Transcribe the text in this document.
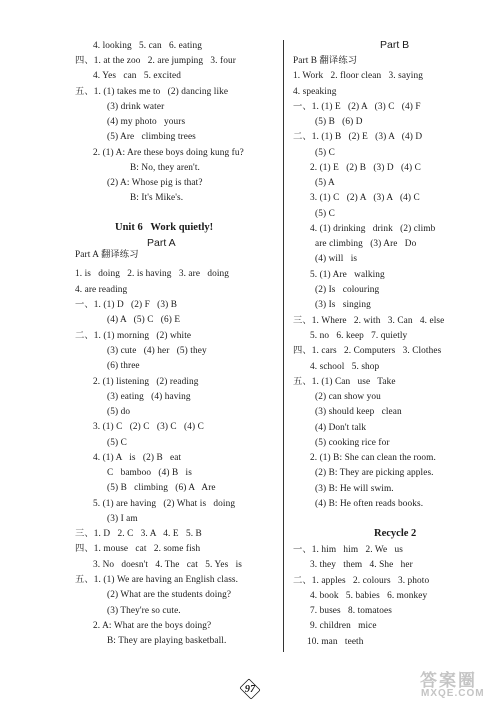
4. looking   5. can   6. eating
四、1. at the zoo   2. are jumping   3. four
4. Yes   can   5. excited
五、1. (1) takes me to   (2) dancing like
(3) drink water
(4) my photo   yours
(5) Are   climbing trees
2. (1) A: Are these boys doing kung fu?
B: No, they aren't.
(2) A: Whose pig is that?
B: It's Mike's.
Unit 6   Work quietly!
Part A
Part A 翻译练习
1. is   doing   2. is having   3. are   doing
4. are reading
一、1. (1) D   (2) F   (3) B
(4) A   (5) C   (6) E
二、1. (1) morning   (2) white
(3) cute   (4) her   (5) they
(6) three
2. (1) listening   (2) reading
(3) eating   (4) having
(5) do
3. (1) C   (2) C   (3) C   (4) C
(5) C
4. (1) A   is   (2) B   eat
C   bamboo   (4) B   is
(5) B   climbing   (6) A   Are
5. (1) are having   (2) What is   doing
(3) I am
三、1. D   2. C   3. A   4. E   5. B
四、1. mouse   cat   2. some fish
3. No   doesn't   4. The   cat   5. Yes   is
五、1. (1) We are having an English class.
(2) What are the students doing?
(3) They're so cute.
2. A: What are the boys doing?
B: They are playing basketball.
Part B
Part B 翻译练习
1. Work   2. floor clean   3. saying
4. speaking
一、1. (1) E   (2) A   (3) C   (4) F
(5) B   (6) D
二、1. (1) B   (2) E   (3) A   (4) D
(5) C
2. (1) E   (2) B   (3) D   (4) C
(5) A
3. (1) C   (2) A   (3) A   (4) C
(5) C
4. (1) drinking   drink   (2) climb
are climbing   (3) Are   Do
(4) will   is
5. (1) Are   walking
(2) Is   colouring
(3) Is   singing
三、1. Where   2. with   3. Can   4. else
5. no   6. keep   7. quietly
四、1. cars   2. Computers   3. Clothes
4. school   5. shop
五、1. (1) Can   use   Take
(2) can show you
(3) should keep   clean
(4) Don't talk
(5) cooking rice for
2. (1) B: She can clean the room.
(2) B: They are picking apples.
(3) B: He will swim.
(4) B: He often reads books.
Recycle 2
一、1. him   him   2. We   us
3. they   them   4. She   her
二、1. apples   2. colours   3. photo
4. book   5. babies   6. monkey
7. buses   8. tomatoes
9. children   mice
10. man   teeth
97	答案圈
MXQE.COM
